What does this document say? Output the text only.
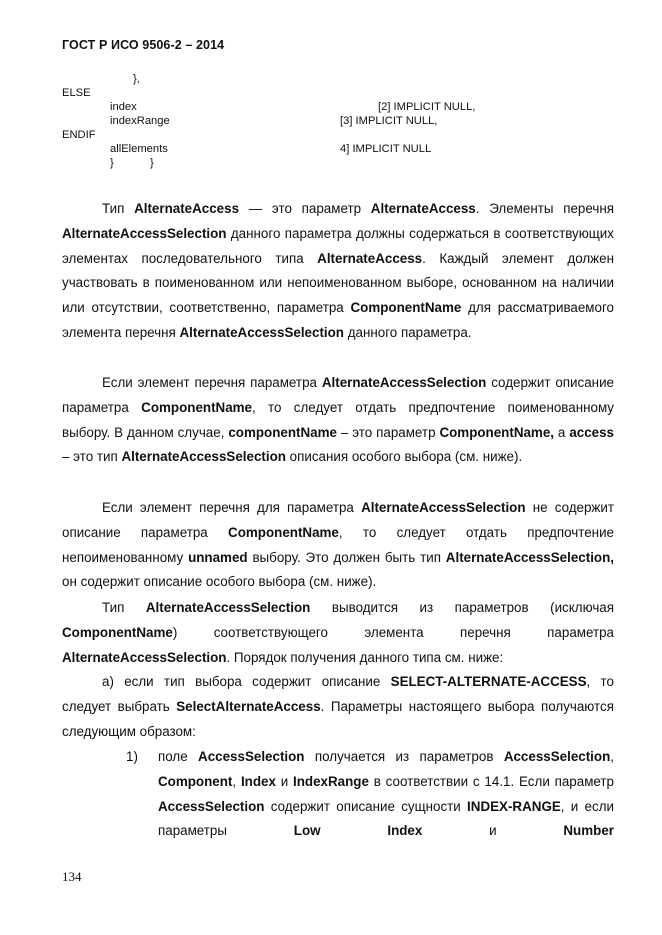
ГОСТ Р ИСО 9506-2 – 2014
},
ELSE
index	[2] IMPLICIT NULL,
indexRange	[3] IMPLICIT NULL,
ENDIF
allElements	4] IMPLICIT NULL
}	}
Тип AlternateAccess — это параметр AlternateAccess. Элементы перечня AlternateAccessSelection данного параметра должны содержаться в соответствующих элементах последовательного типа AlternateAccess. Каждый элемент должен участвовать в поименованном или непоименованном выборе, основанном на наличии или отсутствии, соответственно, параметра ComponentName для рассматриваемого элемента перечня AlternateAccessSelection данного параметра.
Если элемент перечня параметра AlternateAccessSelection содержит описание параметра ComponentName, то следует отдать предпочтение поименованному выбору. В данном случае, componentName – это параметр ComponentName, а access – это тип AlternateAccessSelection описания особого выбора (см. ниже).
Если элемент перечня для параметра AlternateAccessSelection не содержит описание параметра ComponentName, то следует отдать предпочтение непоименованному unnamed выбору. Это должен быть тип AlternateAccessSelection, он содержит описание особого выбора (см. ниже).
Тип AlternateAccessSelection выводится из параметров (исключая ComponentName) соответствующего элемента перечня параметра AlternateAccessSelection. Порядок получения данного типа см. ниже:
а) если тип выбора содержит описание SELECT-ALTERNATE-ACCESS, то следует выбрать SelectAlternateAccess. Параметры настоящего выбора получаются следующим образом:
1) поле AccessSelection получается из параметров AccessSelection, Component, Index и IndexRange в соответствии с 14.1. Если параметр AccessSelection содержит описание сущности INDEX-RANGE, и если параметры Low Index и Number
134
